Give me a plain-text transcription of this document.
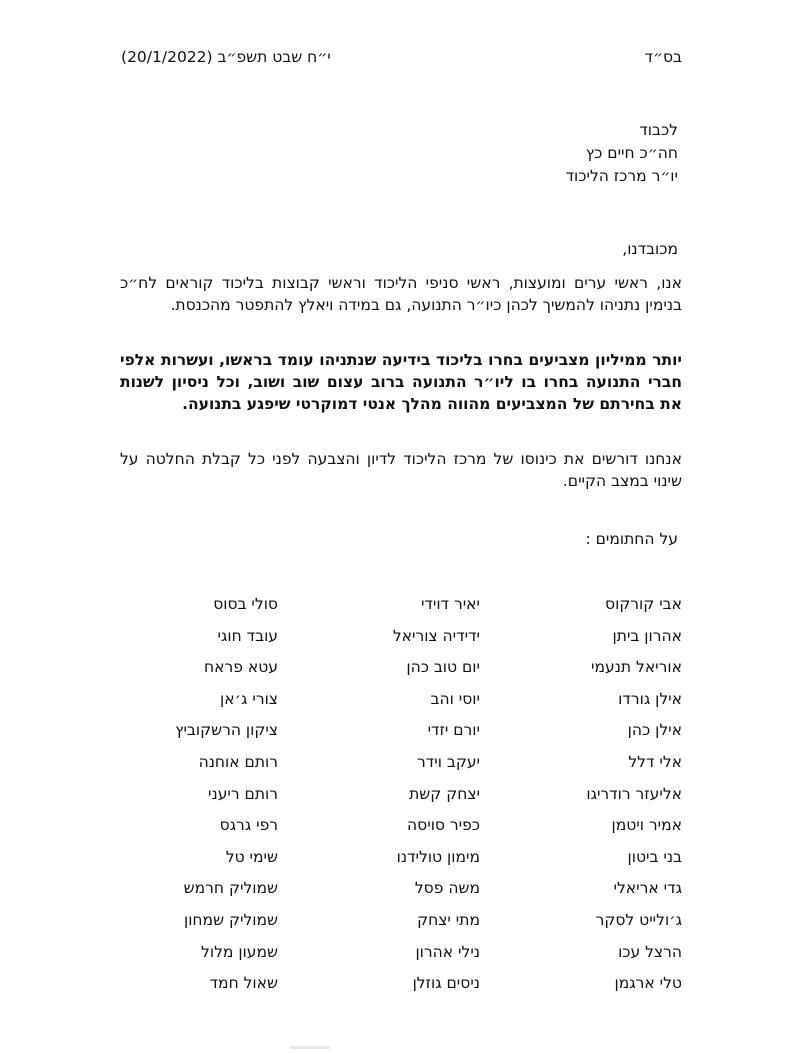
בס״ד
י״ח שבט תשפ״ב (20/1/2022)
לכבוד
חה״כ חיים כץ
יו״ר מרכז הליכוד
מכובדנו,
אנו, ראשי ערים ומועצות, ראשי סניפי הליכוד וראשי קבוצות בליכוד קוראים לח״כ בנימין נתניהו להמשיך לכהן כיו״ר התנועה, גם במידה ויאלץ להתפטר מהכנסת.
יותר ממיליון מצביעים בחרו בליכוד בידיעה שנתניהו עומד בראשו, ועשרות אלפי חברי התנועה בחרו בו ליו״ר התנועה ברוב עצום שוב ושוב, וכל ניסיון לשנות את בחירתם של המצביעים מהווה מהלך אנטי דמוקרטי שיפגע בתנועה.
אנחנו דורשים את כינוסו של מרכז הליכוד לדיון והצבעה לפני כל קבלת החלטה על שינוי במצב הקיים.
על החתומים :
אבי קורקוס
אהרון ביתן
אוריאל תנעמי
אילן גורדו
אילן כהן
אלי דלל
אליעזר רודריגו
אמיר ויטמן
בני ביטון
גדי אריאלי
ג׳ולייט לסקר
הרצל עכו
טלי ארגמן
יאיר דוידי
ידידיה צוריאל
יום טוב כהן
יוסי והב
יורם יזדי
יעקב וידר
יצחק קשת
כפיר סויסה
מימון טולידנו
משה פסל
מתי יצחק
נילי אהרון
ניסים גוזלן
סולי בסוס
עובד חוגי
עטא פראח
צורי ג׳אן
ציקון הרשקוביץ
רותם אוחנה
רותם ריעני
רפי גרגס
שימי טל
שמוליק חרמש
שמוליק שמחון
שמעון מלול
שאול חמד
